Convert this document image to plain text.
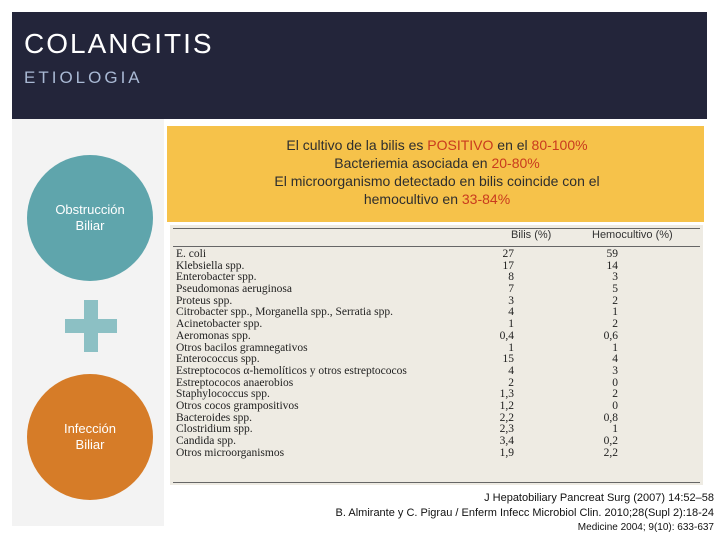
COLANGITIS
ETIOLOGIA
Obstrucción
Biliar
Infección
Biliar
El cultivo de la bilis es POSITIVO en el 80-100%
Bacteriemia asociada en 20-80%
El microorganismo detectado en bilis coincide con el
hemocultivo en 33-84%
Bilis (%)	Hemocultivo (%)
E. coli	27	59
Klebsiella spp.	17	14
Enterobacter spp.	8	3
Pseudomonas aeruginosa	7	5
Proteus spp.	3	2
Citrobacter spp., Morganella spp., Serratia spp.	4	1
Acinetobacter spp.	1	2
Aeromonas spp.	0,4	0,6
Otros bacilos gramnegativos	1	1
Enterococcus spp.	15	4
Estreptococos α-hemolíticos y otros estreptococos	4	3
Estreptococos anaerobios	2	0
Staphylococcus spp.	1,3	2
Otros cocos grampositivos	1,2	0
Bacteroides spp.	2,2	0,8
Clostridium spp.	2,3	1
Candida spp.	3,4	0,2
Otros microorganismos	1,9	2,2
J Hepatobiliary Pancreat Surg (2007) 14:52–58
B. Almirante y C. Pigrau / Enferm Infecc Microbiol Clin. 2010;28(Supl 2):18-24
Medicine 2004; 9(10): 633-637
